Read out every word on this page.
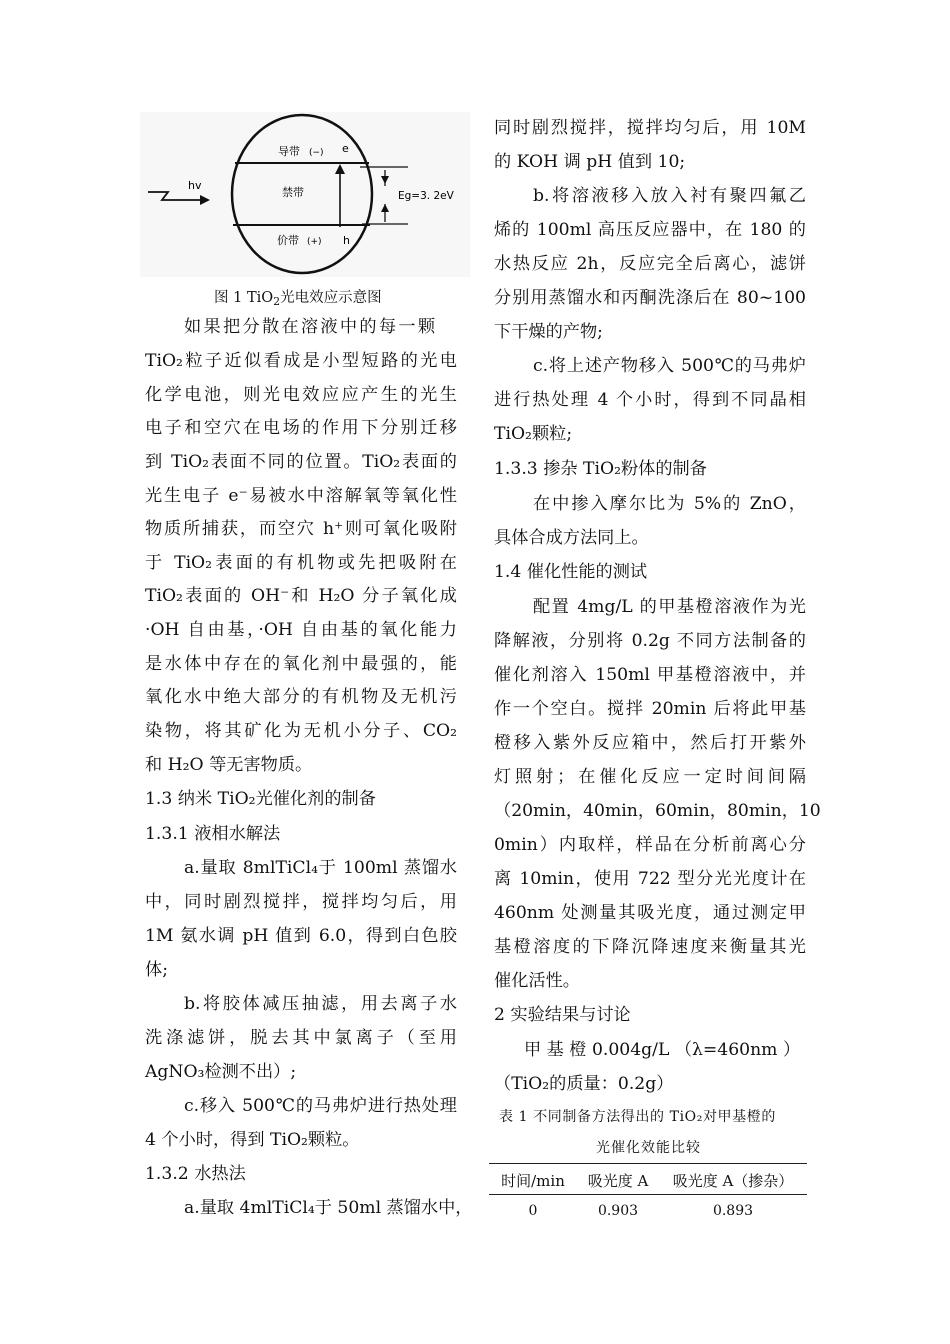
hv
导带 (−) e
禁带
价带 (+) h
Eg=3. 2eV
图 1 TiO$_2$光电效应示意图
如果把分散在溶液中的每一颗
TiO₂粒子近似看成是小型短路的光电
化学电池，则光电效应应产生的光生
电子和空穴在电场的作用下分别迁移
到 TiO₂表面不同的位置。TiO₂表面的
光生电子 e⁻易被水中溶解氧等氧化性
物质所捕获，而空穴 h⁺则可氧化吸附
于 TiO₂表面的有机物或先把吸附在
TiO₂表面的 OH⁻和 H₂O 分子氧化成
·OH 自由基，·OH 自由基的氧化能力
是水体中存在的氧化剂中最强的，能
氧化水中绝大部分的有机物及无机污
染物，将其矿化为无机小分子、CO₂
和 H₂O 等无害物质。
1.3 纳米 TiO₂光催化剂的制备
1.3.1 液相水解法
a.量取 8mlTiCl₄于 100ml 蒸馏水
中，同时剧烈搅拌，搅拌均匀后，用
1M 氨水调 pH 值到 6.0，得到白色胶
体;
b.将胶体减压抽滤，用去离子水
洗涤滤饼，脱去其中氯离子（至用
AgNO₃检测不出）;
c.移入 500℃的马弗炉进行热处理
4 个小时，得到 TiO₂颗粒。
1.3.2 水热法
a.量取 4mlTiCl₄于 50ml 蒸馏水中，
同时剧烈搅拌，搅拌均匀后，用 10M
的 KOH 调 pH 值到 10;
b.将溶液移入放入衬有聚四氟乙
烯的 100ml 高压反应器中，在 180 的
水热反应 2h，反应完全后离心，滤饼
分别用蒸馏水和丙酮洗涤后在 80~100
下干燥的产物;
c.将上述产物移入 500℃的马弗炉
进行热处理 4 个小时，得到不同晶相
TiO₂颗粒;
1.3.3 掺杂 TiO₂粉体的制备
在中掺入摩尔比为 5%的 ZnO，
具体合成方法同上。
1.4 催化性能的测试
配置 4mg/L 的甲基橙溶液作为光
降解液，分别将 0.2g 不同方法制备的
催化剂溶入 150ml 甲基橙溶液中，并
作一个空白。搅拌 20min 后将此甲基
橙移入紫外反应箱中，然后打开紫外
灯照射；在催化反应一定时间间隔
（20min，40min，60min，80min，10
0min）内取样，样品在分析前离心分
离 10min，使用 722 型分光光度计在
460nm 处测量其吸光度，通过测定甲
基橙溶度的下降沉降速度来衡量其光
催化活性。
2 实验结果与讨论
甲 基 橙 0.004g/L （λ=460nm ）
（TiO₂的质量：0.2g）
表 1 不同制备方法得出的 TiO₂对甲基橙的
光催化效能比较
时间/min	吸光度 A	吸光度 A（掺杂）
0	0.903	0.893
